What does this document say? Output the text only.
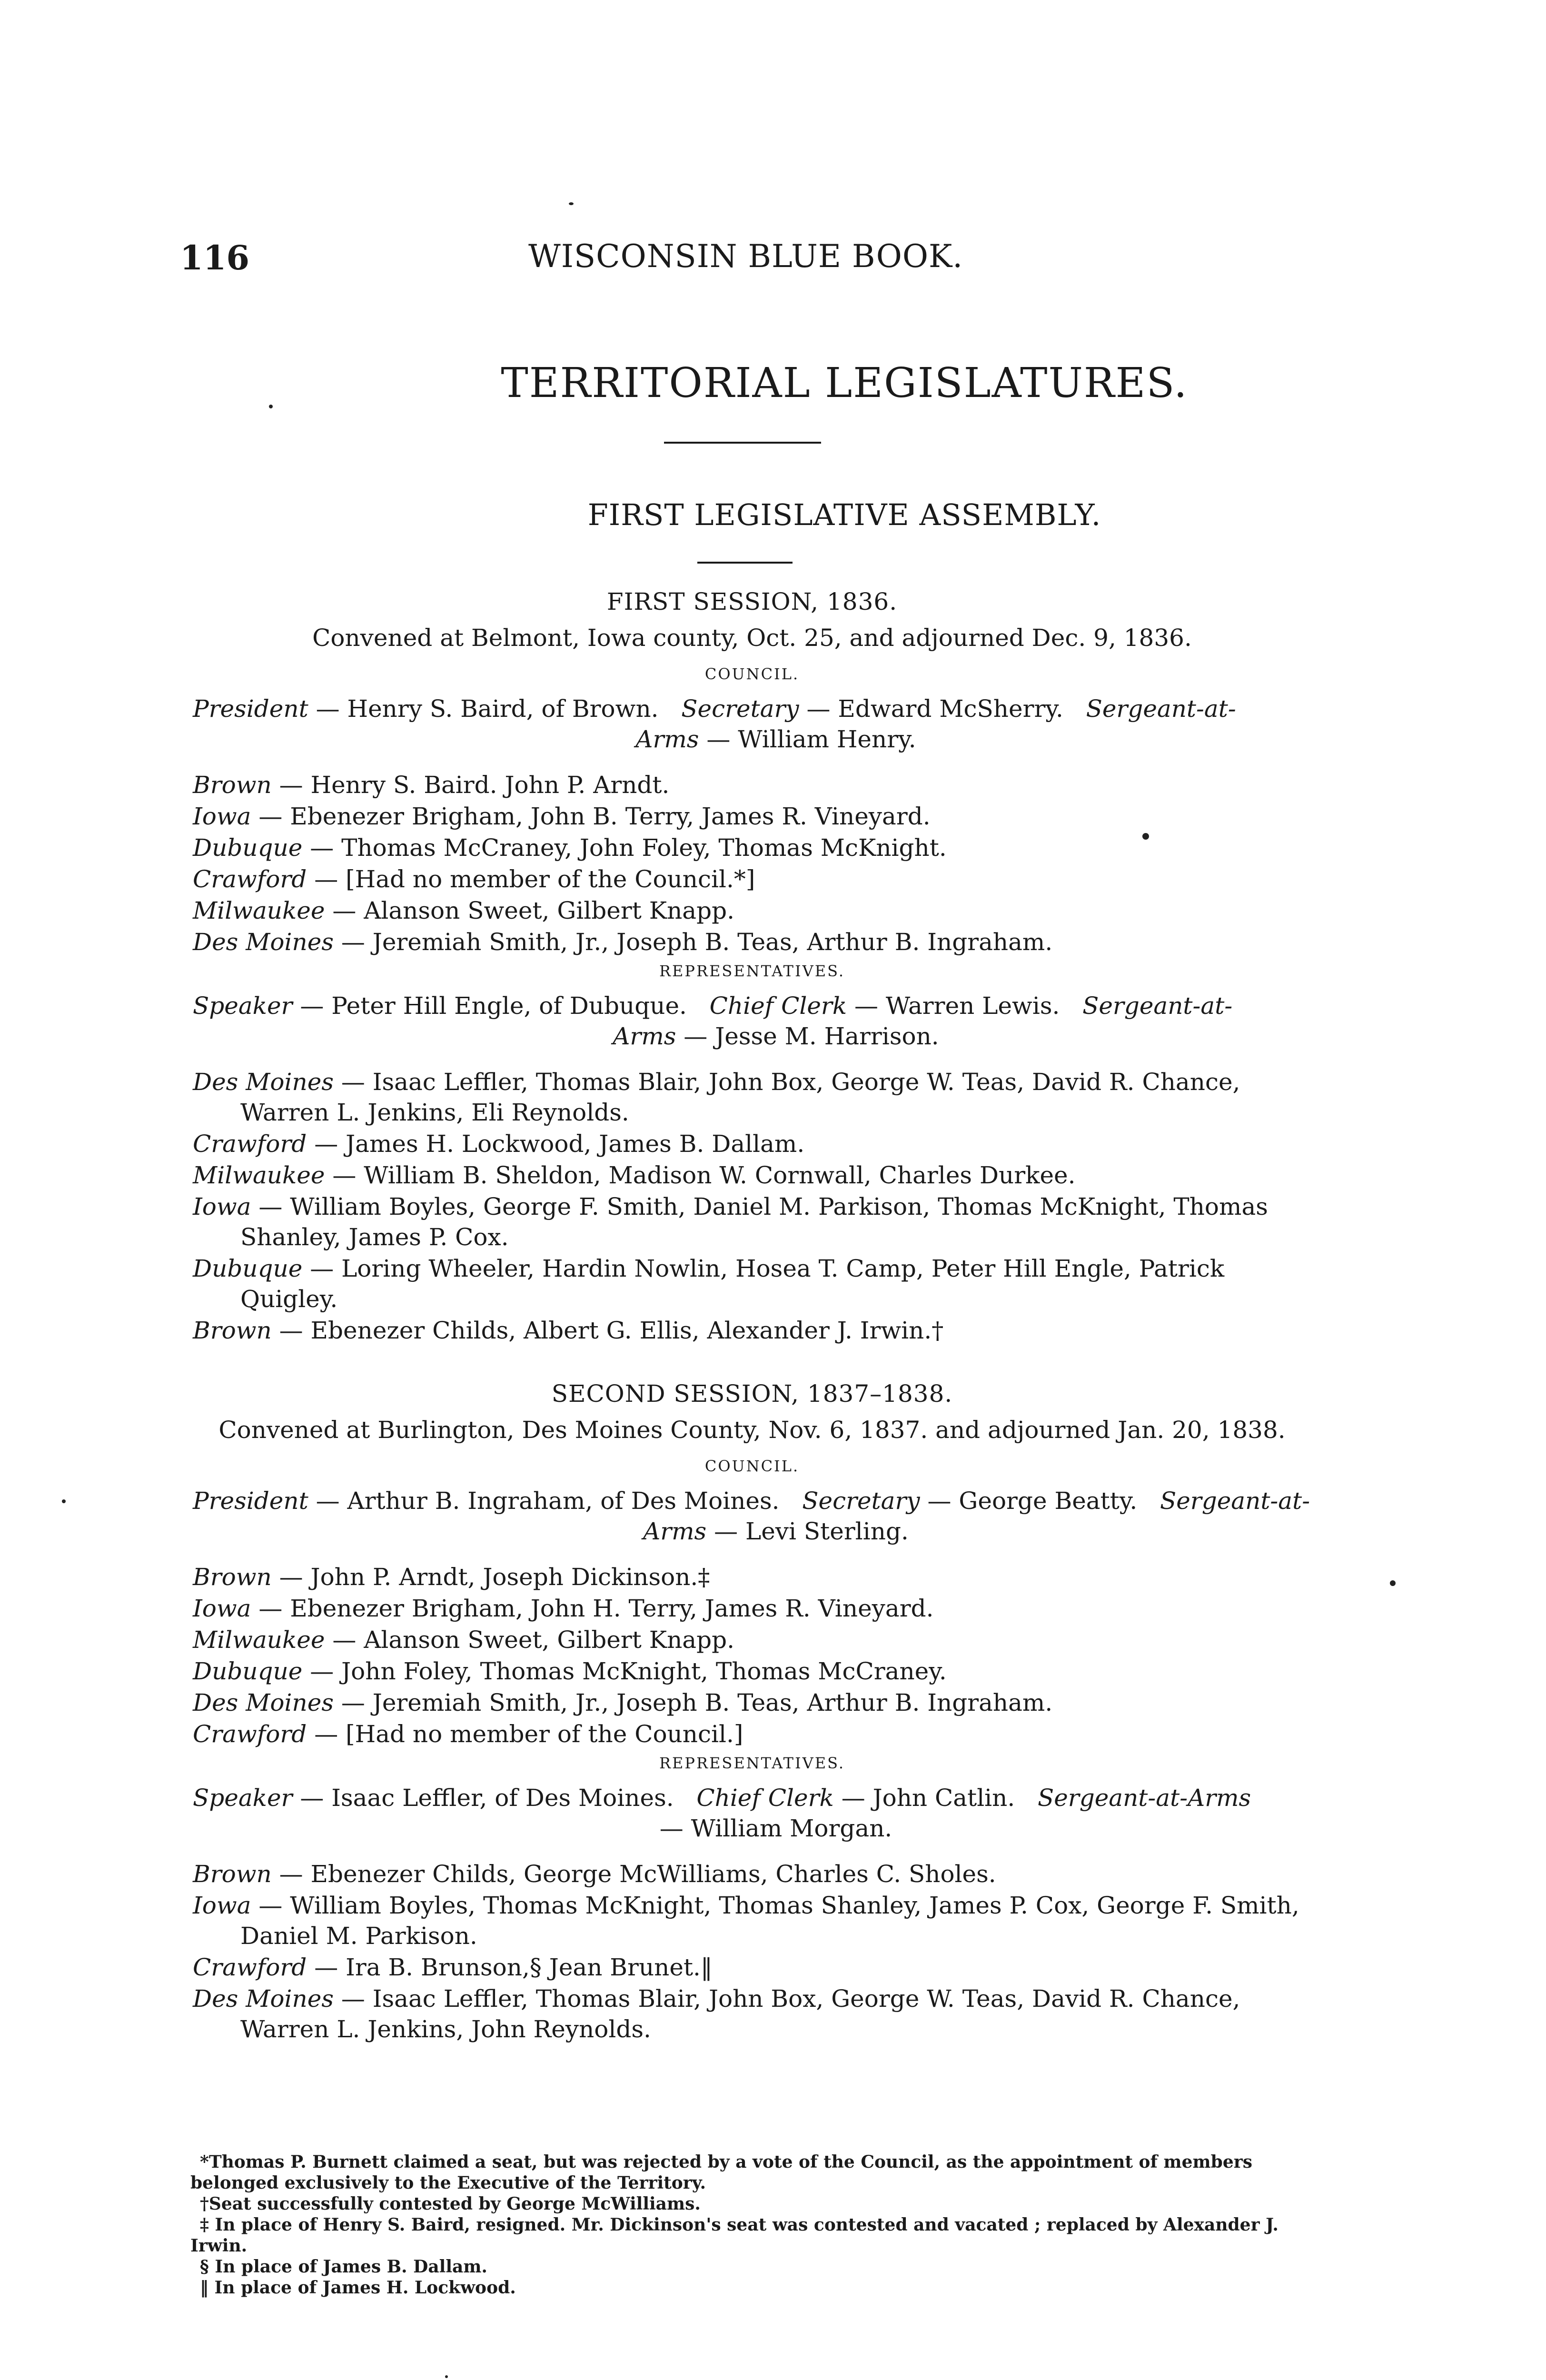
116	WISCONSIN BLUE BOOK.
TERRITORIAL LEGISLATURES.
FIRST LEGISLATIVE ASSEMBLY.

FIRST SESSION, 1836.

Convened at Belmont, Iowa county, Oct. 25, and adjourned Dec. 9, 1836.

COUNCIL.

President — Henry S. Baird, of Brown. Secretary — Edward McSherry. Sergeant-at-
Arms — William Henry.

Brown — Henry S. Baird. John P. Arndt.

Iowa — Ebenezer Brigham, John B. Terry, James R. Vineyard.

Dubuque — Thomas McCraney, John Foley, Thomas McKnight.

Crawford — [Had no member of the Council.*]

Milwaukee — Alanson Sweet, Gilbert Knapp.

Des Moines — Jeremiah Smith, Jr., Joseph B. Teas, Arthur B. Ingraham.

REPRESENTATIVES.

Speaker — Peter Hill Engle, of Dubuque. Chief Clerk — Warren Lewis. Sergeant-at-
Arms — Jesse M. Harrison.

Des Moines — Isaac Leffler, Thomas Blair, John Box, George W. Teas, David R. Chance, Warren L. Jenkins, Eli Reynolds.

Crawford — James H. Lockwood, James B. Dallam.

Milwaukee — William B. Sheldon, Madison W. Cornwall, Charles Durkee.

Iowa — William Boyles, George F. Smith, Daniel M. Parkison, Thomas McKnight, Thomas Shanley, James P. Cox.

Dubuque — Loring Wheeler, Hardin Nowlin, Hosea T. Camp, Peter Hill Engle, Patrick Quigley.

Brown — Ebenezer Childs, Albert G. Ellis, Alexander J. Irwin.†

SECOND SESSION, 1837–1838.

Convened at Burlington, Des Moines County, Nov. 6, 1837. and adjourned Jan. 20, 1838.

COUNCIL.

President — Arthur B. Ingraham, of Des Moines. Secretary — George Beatty. Sergeant-at-
Arms — Levi Sterling.

Brown — John P. Arndt, Joseph Dickinson.‡

Iowa — Ebenezer Brigham, John H. Terry, James R. Vineyard.

Milwaukee — Alanson Sweet, Gilbert Knapp.

Dubuque — John Foley, Thomas McKnight, Thomas McCraney.

Des Moines — Jeremiah Smith, Jr., Joseph B. Teas, Arthur B. Ingraham.

Crawford — [Had no member of the Council.]

REPRESENTATIVES.

Speaker — Isaac Leffler, of Des Moines. Chief Clerk — John Catlin. Sergeant-at-Arms
— William Morgan.

Brown — Ebenezer Childs, George McWilliams, Charles C. Sholes.

Iowa — William Boyles, Thomas McKnight, Thomas Shanley, James P. Cox, George F. Smith, Daniel M. Parkison.

Crawford — Ira B. Brunson,§ Jean Brunet.‖

Des Moines — Isaac Leffler, Thomas Blair, John Box, George W. Teas, David R. Chance, Warren L. Jenkins, John Reynolds.

*Thomas P. Burnett claimed a seat, but was rejected by a vote of the Council, as the appointment of members belonged exclusively to the Executive of the Territory.

†Seat successfully contested by George McWilliams.

‡ In place of Henry S. Baird, resigned. Mr. Dickinson's seat was contested and vacated ; replaced by Alexander J. Irwin.

§ In place of James B. Dallam.

‖ In place of James H. Lockwood.
